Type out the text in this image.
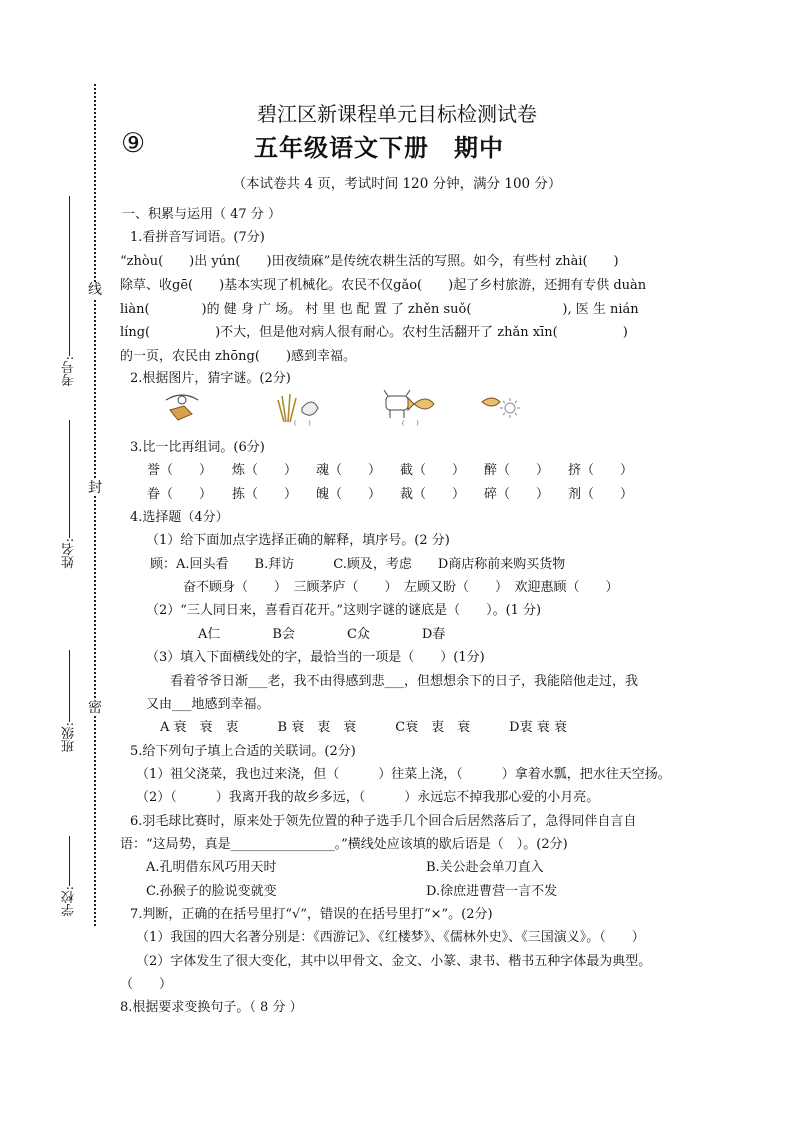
线
封
密
考号:
姓名:
班级:
学校:
碧江区新课程单元目标检测试卷
⑨	五年级语文下册　期中
（本试卷共 4 页，考试时间 120 分钟，满分 100 分）
一、积累与运用（ 47 分 ）
1.看拼音写词语。(7分)
“zhòu(　　)出 yún(　　)田夜绩麻”是传统农耕生活的写照。如今，有些村 zhài(　　)
除草、收gē(　　)基本实现了机械化。农民不仅gǎo(　　)起了乡村旅游，还拥有专供 duàn
liàn(　　　　)的 健 身 广 场。 村 里 也 配 置 了 zhěn suǒ(　　　　　　　), 医 生 nián
líng(　　　　　)不大，但是他对病人很有耐心。农村生活翻开了 zhǎn xīn(　　　　　)
的一页，农民由 zhōng(　　)感到幸福。
2.根据图片，猜字谜。(2分)
(　　)	(　　)
3.比一比再组词。(6分)
誉（　　） 炼（　　） 魂（　　） 截（　　） 醉（　　） 挤（　　）
眷（　　） 拣（　　） 魄（　　） 裁（　　） 碎（　　） 剂（　　）
4.选择题（4分）
（1）给下面加点字选择正确的解释，填序号。(2 分)
顾：A.回头看　　B.拜访　　　C.顾及，考虑　　D商店称前来购买货物
奋不顾身（　　）　三顾茅庐（　　）　左顾又盼（　　）　欢迎惠顾（　　）
（2）“三人同日来，喜看百花开。”这则字谜的谜底是（　　）。(1 分)
A仁　　　　B会　　　　C众　　　　D春
（3）填入下面横线处的字，最恰当的一项是（　　）(1分)
看着爷爷日渐___老，我不由得感到悲___，但想想余下的日子，我能陪他走过，我
又由___地感到幸福。
A 衰　衰　衷　　　B 衰　衷　衰　　　C衰　衷　衰　　　D衷 衰 衰
5.给下列句子填上合适的关联词。(2分)
（1）祖父浇菜，我也过来浇，但（　　　）往菜上浇，（　　　）拿着水瓢，把水往天空扬。
（2）（　　　）我离开我的故乡多远，（　　　）永远忘不掉我那心爱的小月亮。
6.羽毛球比赛时，原来处于领先位置的种子选手几个回合后居然落后了，急得同伴自言自
语：“这局势，真是________________。”横线处应该填的歇后语是（　）。(2分)
A.孔明借东风巧用天时	B.关公赴会单刀直入
C.孙猴子的脸说变就变	D.徐庶进曹营一言不发
7.判断，正确的在括号里打“√”，错误的在括号里打“×”。(2分)
（1）我国的四大名著分别是：《西游记》、《红楼梦》、《儒林外史》、《三国演义》。（　　）
（2）字体发生了很大变化，其中以甲骨文、金文、小篆、隶书、楷书五种字体最为典型。
（　　）
8.根据要求变换句子。（ 8 分 ）
